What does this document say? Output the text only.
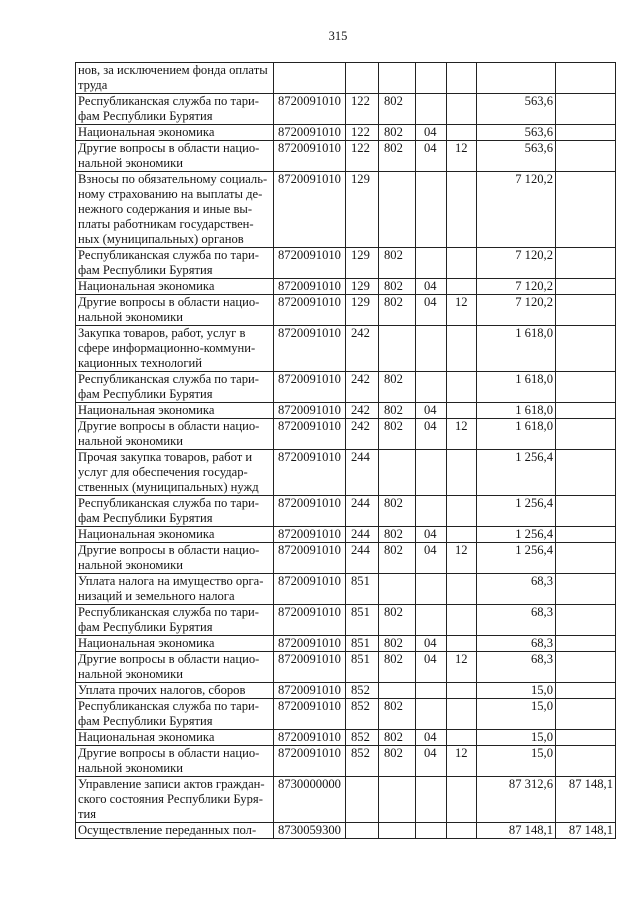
315
нов, за исключением фонда оплаты
труда							
Республиканская служба по тари-
фам Республики Бурятия	8720091010	122	802			563,6	
Национальная экономика	8720091010	122	802	04		563,6	
Другие вопросы в области нацио-
нальной экономики	8720091010	122	802	04	12	563,6	
Взносы по обязательному социаль-
ному страхованию на выплаты де-
нежного содержания и иные вы-
платы работникам государствен-
ных (муниципальных) органов	8720091010	129				7 120,2	
Республиканская служба по тари-
фам Республики Бурятия	8720091010	129	802			7 120,2	
Национальная экономика	8720091010	129	802	04		7 120,2	
Другие вопросы в области нацио-
нальной экономики	8720091010	129	802	04	12	7 120,2	
Закупка товаров, работ, услуг в
сфере информационно-коммуни-
кационных технологий	8720091010	242				1 618,0	
Республиканская служба по тари-
фам Республики Бурятия	8720091010	242	802			1 618,0	
Национальная экономика	8720091010	242	802	04		1 618,0	
Другие вопросы в области нацио-
нальной экономики	8720091010	242	802	04	12	1 618,0	
Прочая закупка товаров, работ и
услуг для обеспечения государ-
ственных (муниципальных) нужд	8720091010	244				1 256,4	
Республиканская служба по тари-
фам Республики Бурятия	8720091010	244	802			1 256,4	
Национальная экономика	8720091010	244	802	04		1 256,4	
Другие вопросы в области нацио-
нальной экономики	8720091010	244	802	04	12	1 256,4	
Уплата налога на имущество орга-
низаций и земельного налога	8720091010	851				68,3	
Республиканская служба по тари-
фам Республики Бурятия	8720091010	851	802			68,3	
Национальная экономика	8720091010	851	802	04		68,3	
Другие вопросы в области нацио-
нальной экономики	8720091010	851	802	04	12	68,3	
Уплата прочих налогов, сборов	8720091010	852				15,0	
Республиканская служба по тари-
фам Республики Бурятия	8720091010	852	802			15,0	
Национальная экономика	8720091010	852	802	04		15,0	
Другие вопросы в области нацио-
нальной экономики	8720091010	852	802	04	12	15,0	
Управление записи актов граждан-
ского состояния Республики Буря-
тия	8730000000					87 312,6	87 148,1
Осуществление переданных пол-	8730059300					87 148,1	87 148,1
